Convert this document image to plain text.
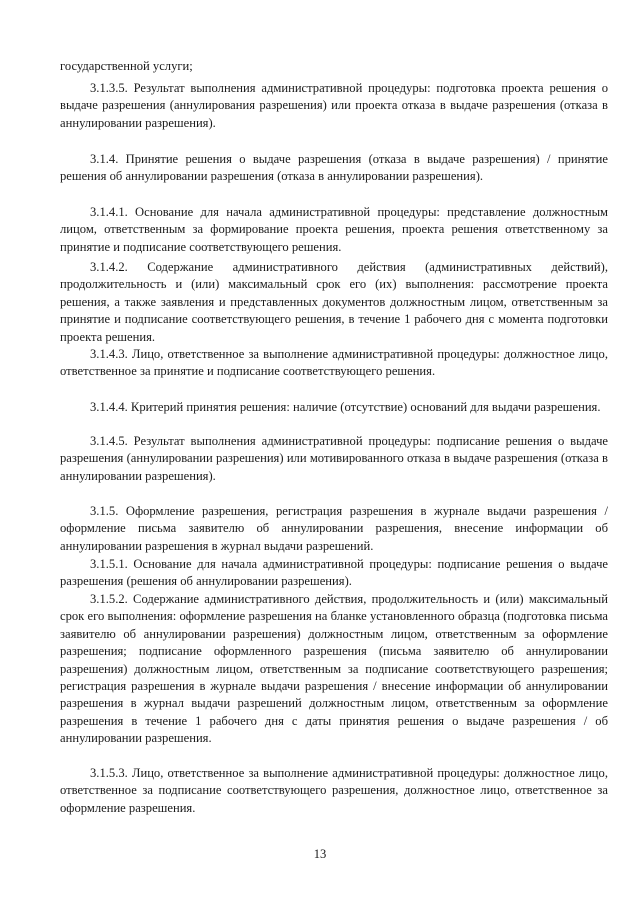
государственной услуги;

3.1.3.5. Результат выполнения административной процедуры: подготовка проекта решения о выдаче разрешения (аннулирования разрешения) или проекта отказа в выдаче разрешения (отказа в аннулировании разрешения).

3.1.4. Принятие решения о выдаче разрешения (отказа в выдаче разрешения) / принятие решения об аннулировании разрешения (отказа в аннулировании разрешения).

3.1.4.1. Основание для начала административной процедуры: представление должностным лицом, ответственным за формирование проекта решения, проекта решения ответственному за принятие и подписание соответствующего решения.

3.1.4.2. Содержание административного действия (административных действий), продолжительность и (или) максимальный срок его (их) выполнения: рассмотрение проекта решения, а также заявления и представленных документов должностным лицом, ответственным за принятие и подписание соответствующего решения, в течение 1 рабочего дня с момента подготовки проекта решения.

3.1.4.3. Лицо, ответственное за выполнение административной процедуры: должностное лицо, ответственное за принятие и подписание соответствующего решения.

3.1.4.4. Критерий принятия решения: наличие (отсутствие) оснований для выдачи разрешения.

3.1.4.5. Результат выполнения административной процедуры: подписание решения о выдаче разрешения (аннулировании разрешения) или мотивированного отказа в выдаче разрешения (отказа в аннулировании разрешения).

3.1.5. Оформление разрешения, регистрация разрешения в журнале выдачи разрешения / оформление письма заявителю об аннулировании разрешения, внесение информации об аннулировании разрешения в журнал выдачи разрешений.

3.1.5.1. Основание для начала административной процедуры: подписание решения о выдаче разрешения (решения об аннулировании разрешения).

3.1.5.2. Содержание административного действия, продолжительность и (или) максимальный срок его выполнения: оформление разрешения на бланке установленного образца (подготовка письма заявителю об аннулировании разрешения) должностным лицом, ответственным за оформление разрешения; подписание оформленного разрешения (письма заявителю об аннулировании разрешения) должностным лицом, ответственным за подписание соответствующего разрешения; регистрация разрешения в журнале выдачи разрешения / внесение информации об аннулировании разрешения в журнал выдачи разрешений должностным лицом, ответственным за оформление разрешения в течение 1 рабочего дня с даты принятия решения о выдаче разрешения / об аннулировании разрешения.

3.1.5.3. Лицо, ответственное за выполнение административной процедуры: должностное лицо, ответственное за подписание соответствующего разрешения, должностное лицо, ответственное за оформление разрешения.

13
